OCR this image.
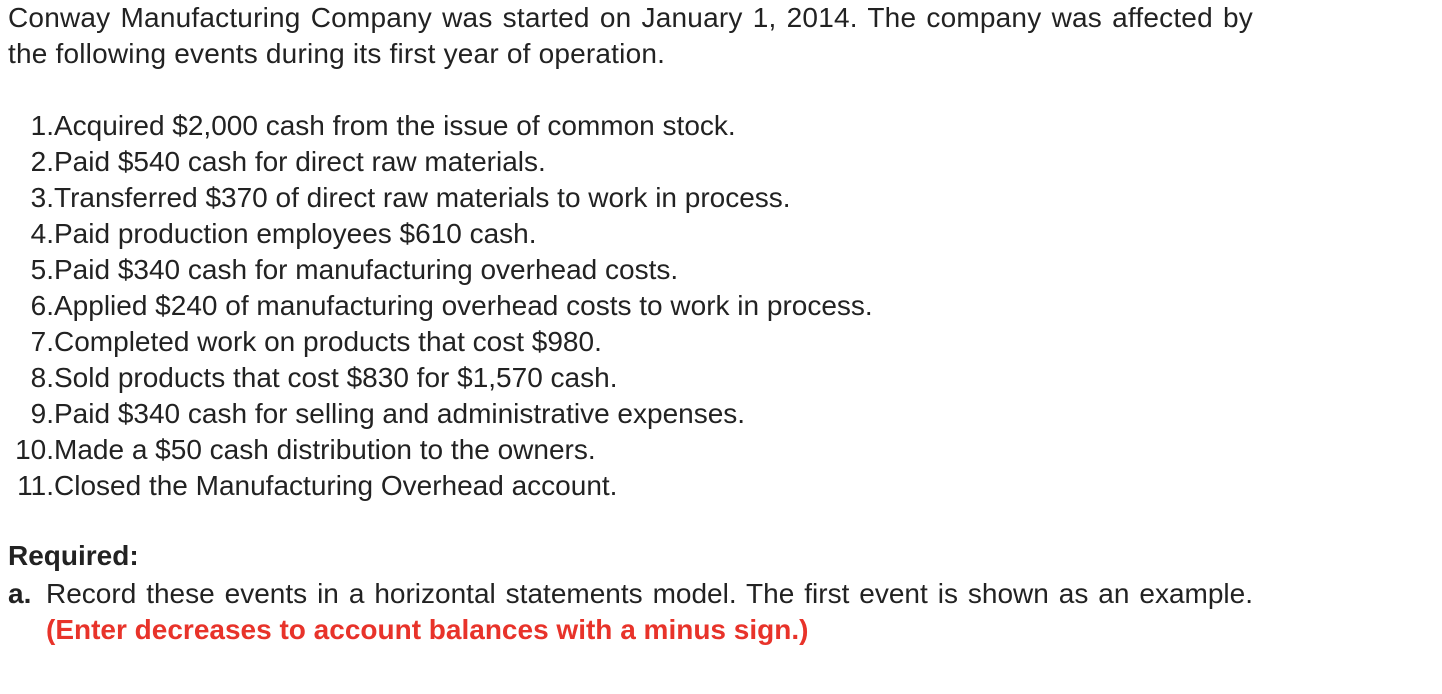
Conway Manufacturing Company was started on January 1, 2014. The company was affected by the following events during its first year of operation.

1. Acquired $2,000 cash from the issue of common stock.
2. Paid $540 cash for direct raw materials.
3. Transferred $370 of direct raw materials to work in process.
4. Paid production employees $610 cash.
5. Paid $340 cash for manufacturing overhead costs.
6. Applied $240 of manufacturing overhead costs to work in process.
7. Completed work on products that cost $980.
8. Sold products that cost $830 for $1,570 cash.
9. Paid $340 cash for selling and administrative expenses.
10. Made a $50 cash distribution to the owners.
11. Closed the Manufacturing Overhead account.
Required:
a. Record these events in a horizontal statements model. The first event is shown as an example. (Enter decreases to account balances with a minus sign.)
